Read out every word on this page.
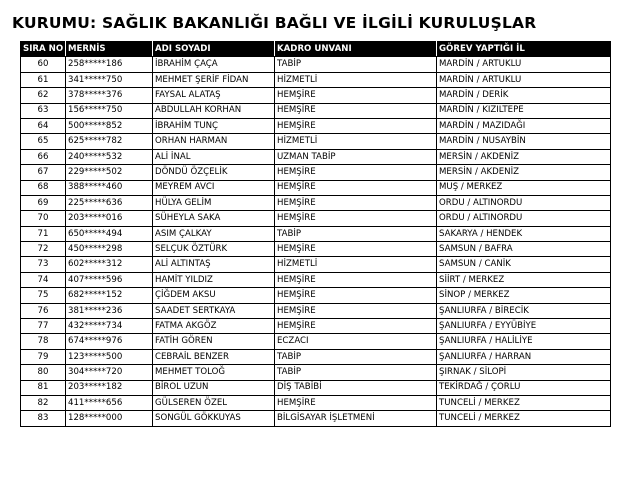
KURUMU: SAĞLIK BAKANLIĞI BAĞLI VE İLGİLİ KURULUŞLAR
SIRA NO	MERNİS	ADI SOYADI	KADRO UNVANI	GÖREV YAPTIĞI İL
60	258*****186	İBRAHİM ÇAÇA	TABİP	MARDİN / ARTUKLU
61	341*****750	MEHMET ŞERİF FİDAN	HİZMETLİ	MARDİN / ARTUKLU
62	378*****376	FAYSAL ALATAŞ	HEMŞİRE	MARDİN / DERİK
63	156*****750	ABDULLAH KORHAN	HEMŞİRE	MARDİN / KIZILTEPE
64	500*****852	İBRAHİM TUNÇ	HEMŞİRE	MARDİN / MAZIDAĞI
65	625*****782	ORHAN HARMAN	HİZMETLİ	MARDİN / NUSAYBİN
66	240*****532	ALİ İNAL	UZMAN TABİP	MERSİN / AKDENİZ
67	229*****502	DÖNDÜ ÖZÇELİK	HEMŞİRE	MERSİN / AKDENİZ
68	388*****460	MEYREM AVCI	HEMŞİRE	MUŞ / MERKEZ
69	225*****636	HÜLYA GELİM	HEMŞİRE	ORDU / ALTINORDU
70	203*****016	SÜHEYLA SAKA	HEMŞİRE	ORDU / ALTINORDU
71	650*****494	ASIM ÇALKAY	TABİP	SAKARYA / HENDEK
72	450*****298	SELÇUK ÖZTÜRK	HEMŞİRE	SAMSUN / BAFRA
73	602*****312	ALİ ALTINTAŞ	HİZMETLİ	SAMSUN / CANİK
74	407*****596	HAMİT YILDIZ	HEMŞİRE	SİİRT / MERKEZ
75	682*****152	ÇİĞDEM AKSU	HEMŞİRE	SİNOP / MERKEZ
76	381*****236	SAADET SERTKAYA	HEMŞİRE	ŞANLIURFA / BİRECİK
77	432*****734	FATMA AKGÖZ	HEMŞİRE	ŞANLIURFA / EYYÜBİYE
78	674*****976	FATİH GÖREN	ECZACI	ŞANLIURFA / HALİLİYE
79	123*****500	CEBRAİL BENZER	TABİP	ŞANLIURFA / HARRAN
80	304*****720	MEHMET TOLOĞ	TABİP	ŞIRNAK / SİLOPİ
81	203*****182	BİROL UZUN	DİŞ TABİBİ	TEKİRDAĞ / ÇORLU
82	411*****656	GÜLSEREN ÖZEL	HEMŞİRE	TUNCELİ / MERKEZ
83	128*****000	SONGÜL GÖKKUYAS	BİLGİSAYAR İŞLETMENİ	TUNCELİ / MERKEZ
